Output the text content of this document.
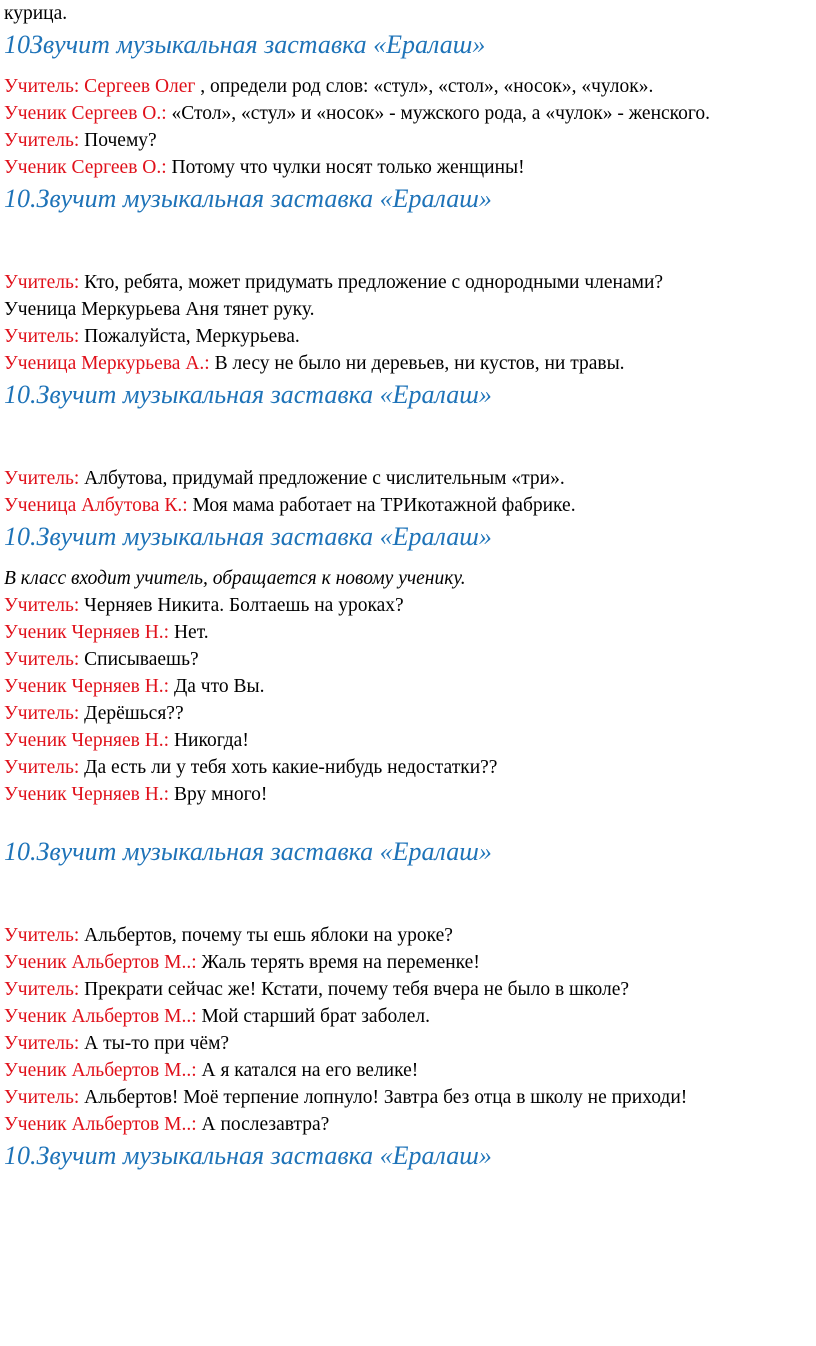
курица.
10Звучит музыкальная заставка «Ералаш»
Учитель: Сергеев Олег , определи род слов: «стул», «стол», «носок», «чулок».
Ученик Сергеев О.: «Стол», «стул» и «носок» - мужского рода, а «чулок» - женского.
Учитель: Почему?
Ученик Сергеев О.: Потому что чулки носят только женщины!
10.Звучит музыкальная заставка «Ералаш»
Учитель: Кто, ребята, может придумать предложение с однородными членами?
Ученица Меркурьева Аня тянет руку.
Учитель: Пожалуйста, Меркурьева.
Ученица Меркурьева А.: В лесу не было ни деревьев, ни кустов, ни травы.
10.Звучит музыкальная заставка «Ералаш»
Учитель: Албутова, придумай предложение с числительным «три».
Ученица Албутова К.: Моя мама работает на ТРИкотажной фабрике.
10.Звучит музыкальная заставка «Ералаш»
В класс входит учитель, обращается к новому ученику.
Учитель: Черняев Никита. Болтаешь на уроках?
Ученик Черняев Н.: Нет.
Учитель: Списываешь?
Ученик Черняев Н.: Да что Вы.
Учитель: Дерёшься??
Ученик Черняев Н.: Никогда!
Учитель: Да есть ли у тебя хоть какие-нибудь недостатки??
Ученик Черняев Н.: Вру много!
10.Звучит музыкальная заставка «Ералаш»
Учитель: Альбертов, почему ты ешь яблоки на уроке?
Ученик Альбертов М..: Жаль терять время на переменке!
Учитель: Прекрати сейчас же! Кстати, почему тебя вчера не было в школе?
Ученик Альбертов М..: Мой старший брат заболел.
Учитель: А ты-то при чём?
Ученик Альбертов М..: А я катался на его велике!
Учитель: Альбертов! Моё терпение лопнуло! Завтра без отца в школу не приходи!
Ученик Альбертов М..: А послезавтра?
10.Звучит музыкальная заставка «Ералаш»
